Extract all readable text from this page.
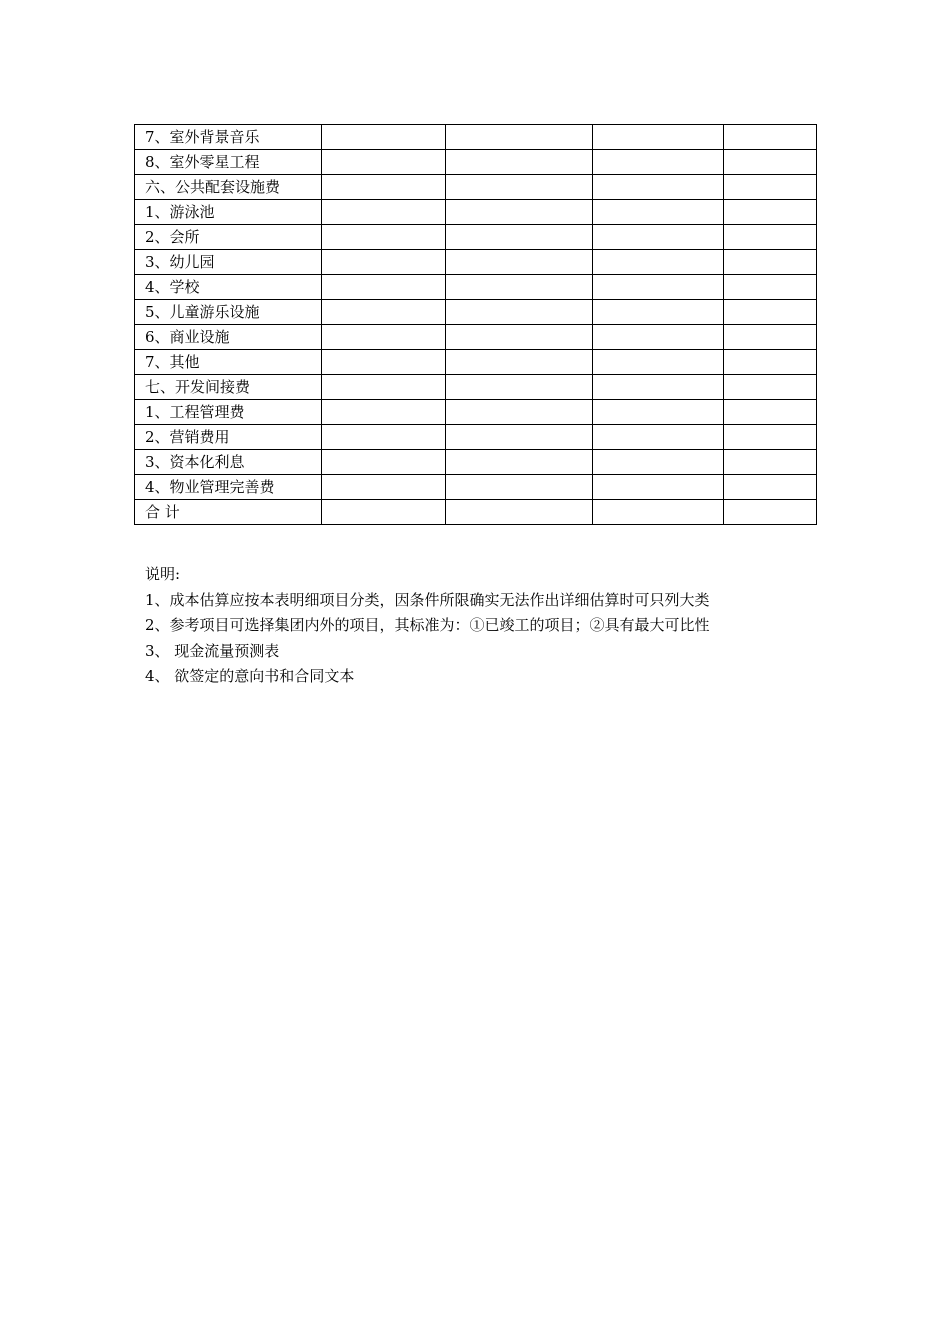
7、室外背景音乐				
8、室外零星工程				
六、公共配套设施费				
1、游泳池				
2、会所				
3、幼儿园				
4、学校				
5、儿童游乐设施				
6、商业设施				
7、其他				
七、开发间接费				
1、工程管理费				
2、营销费用				
3、资本化利息				
4、物业管理完善费				
合 计				
说明:
1、成本估算应按本表明细项目分类，因条件所限确实无法作出详细估算时可只列大类
2、参考项目可选择集团内外的项目，其标准为：①已竣工的项目；②具有最大可比性
3、 现金流量预测表
4、 欲签定的意向书和合同文本
